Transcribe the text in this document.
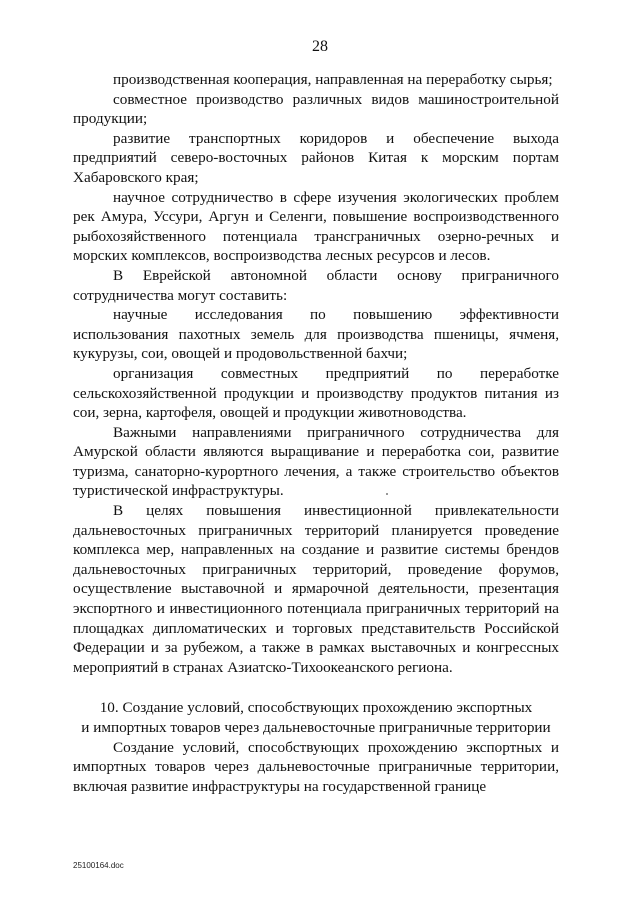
28

производственная кооперация, направленная на переработку сырья;

совместное производство различных видов машиностроительной продукции;

развитие транспортных коридоров и обеспечение выхода предприятий северо-восточных районов Китая к морским портам Хабаровского края;

научное сотрудничество в сфере изучения экологических проблем рек Амура, Уссури, Аргун и Селенги, повышение воспроизводственного рыбохозяйственного потенциала трансграничных озерно-речных и морских комплексов, воспроизводства лесных ресурсов и лесов.

В Еврейской автономной области основу приграничного сотрудничества могут составить:

научные исследования по повышению эффективности использования пахотных земель для производства пшеницы, ячменя, кукурузы, сои, овощей и продовольственной бахчи;

организация совместных предприятий по переработке сельскохозяйственной продукции и производству продуктов питания из сои, зерна, картофеля, овощей и продукции животноводства.

Важными направлениями приграничного сотрудничества для Амурской области являются выращивание и переработка сои, развитие туризма, санаторно-курортного лечения, а также строительство объектов туристической инфраструктуры.

В целях повышения инвестиционной привлекательности дальневосточных приграничных территорий планируется проведение комплекса мер, направленных на создание и развитие системы брендов дальневосточных приграничных территорий, проведение форумов, осуществление выставочной и ярмарочной деятельности, презентация экспортного и инвестиционного потенциала приграничных территорий на площадках дипломатических и торговых представительств Российской Федерации и за рубежом, а также в рамках выставочных и конгрессных мероприятий в странах Азиатско-Тихоокеанского региона.

10. Создание условий, способствующих прохождению экспортных
и импортных товаров через дальневосточные приграничные территории

Создание условий, способствующих прохождению экспортных и импортных товаров через дальневосточные приграничные территории, включая развитие инфраструктуры на государственной границе

25100164.doc
